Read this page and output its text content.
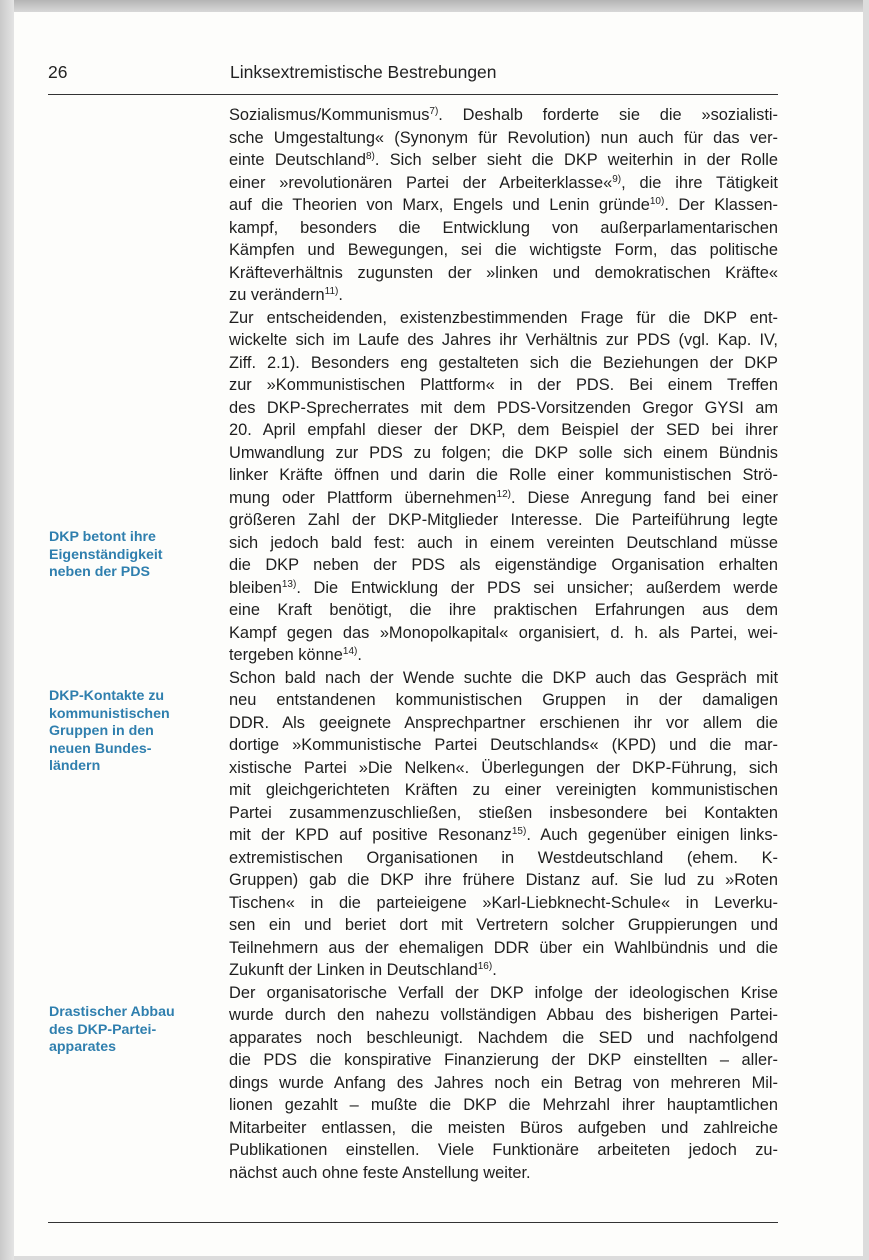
26	Linksextremistische Bestrebungen
DKP betont ihre
Eigenständigkeit
neben der PDS
DKP-Kontakte zu
kommunistischen
Gruppen in den
neuen Bundes-
ländern
Drastischer Abbau
des DKP-Partei-
apparates
Sozialismus/Kommunismus$^{7)}$. Deshalb forderte sie die »sozialisti-
sche Umgestaltung« (Synonym für Revolution) nun auch für das ver-
einte Deutschland$^{8)}$. Sich selber sieht die DKP weiterhin in der Rolle
einer »revolutionären Partei der Arbeiterklasse«$^{9)}$, die ihre Tätigkeit
auf die Theorien von Marx, Engels und Lenin gründe$^{10)}$. Der Klassen-
kampf, besonders die Entwicklung von außerparlamentarischen
Kämpfen und Bewegungen, sei die wichtigste Form, das politische
Kräfteverhältnis zugunsten der »linken und demokratischen Kräfte«
zu verändern$^{11)}$.
Zur entscheidenden, existenzbestimmenden Frage für die DKP ent-
wickelte sich im Laufe des Jahres ihr Verhältnis zur PDS (vgl. Kap. IV,
Ziff. 2.1). Besonders eng gestalteten sich die Beziehungen der DKP
zur »Kommunistischen Plattform« in der PDS. Bei einem Treffen
des DKP-Sprecherrates mit dem PDS-Vorsitzenden Gregor GYSI am
20. April empfahl dieser der DKP, dem Beispiel der SED bei ihrer
Umwandlung zur PDS zu folgen; die DKP solle sich einem Bündnis
linker Kräfte öffnen und darin die Rolle einer kommunistischen Strö-
mung oder Plattform übernehmen$^{12)}$. Diese Anregung fand bei einer
größeren Zahl der DKP-Mitglieder Interesse. Die Parteiführung legte
sich jedoch bald fest: auch in einem vereinten Deutschland müsse
die DKP neben der PDS als eigenständige Organisation erhalten
bleiben$^{13)}$. Die Entwicklung der PDS sei unsicher; außerdem werde
eine Kraft benötigt, die ihre praktischen Erfahrungen aus dem
Kampf gegen das »Monopolkapital« organisiert, d. h. als Partei, wei-
tergeben könne$^{14)}$.
Schon bald nach der Wende suchte die DKP auch das Gespräch mit
neu entstandenen kommunistischen Gruppen in der damaligen
DDR. Als geeignete Ansprechpartner erschienen ihr vor allem die
dortige »Kommunistische Partei Deutschlands« (KPD) und die mar-
xistische Partei »Die Nelken«. Überlegungen der DKP-Führung, sich
mit gleichgerichteten Kräften zu einer vereinigten kommunistischen
Partei zusammenzuschließen, stießen insbesondere bei Kontakten
mit der KPD auf positive Resonanz$^{15)}$. Auch gegenüber einigen links-
extremistischen Organisationen in Westdeutschland (ehem. K-
Gruppen) gab die DKP ihre frühere Distanz auf. Sie lud zu »Roten
Tischen« in die parteieigene »Karl-Liebknecht-Schule« in Leverku-
sen ein und beriet dort mit Vertretern solcher Gruppierungen und
Teilnehmern aus der ehemaligen DDR über ein Wahlbündnis und die
Zukunft der Linken in Deutschland$^{16)}$.
Der organisatorische Verfall der DKP infolge der ideologischen Krise
wurde durch den nahezu vollständigen Abbau des bisherigen Partei-
apparates noch beschleunigt. Nachdem die SED und nachfolgend
die PDS die konspirative Finanzierung der DKP einstellten – aller-
dings wurde Anfang des Jahres noch ein Betrag von mehreren Mil-
lionen gezahlt – mußte die DKP die Mehrzahl ihrer hauptamtlichen
Mitarbeiter entlassen, die meisten Büros aufgeben und zahlreiche
Publikationen einstellen. Viele Funktionäre arbeiteten jedoch zu-
nächst auch ohne feste Anstellung weiter.
